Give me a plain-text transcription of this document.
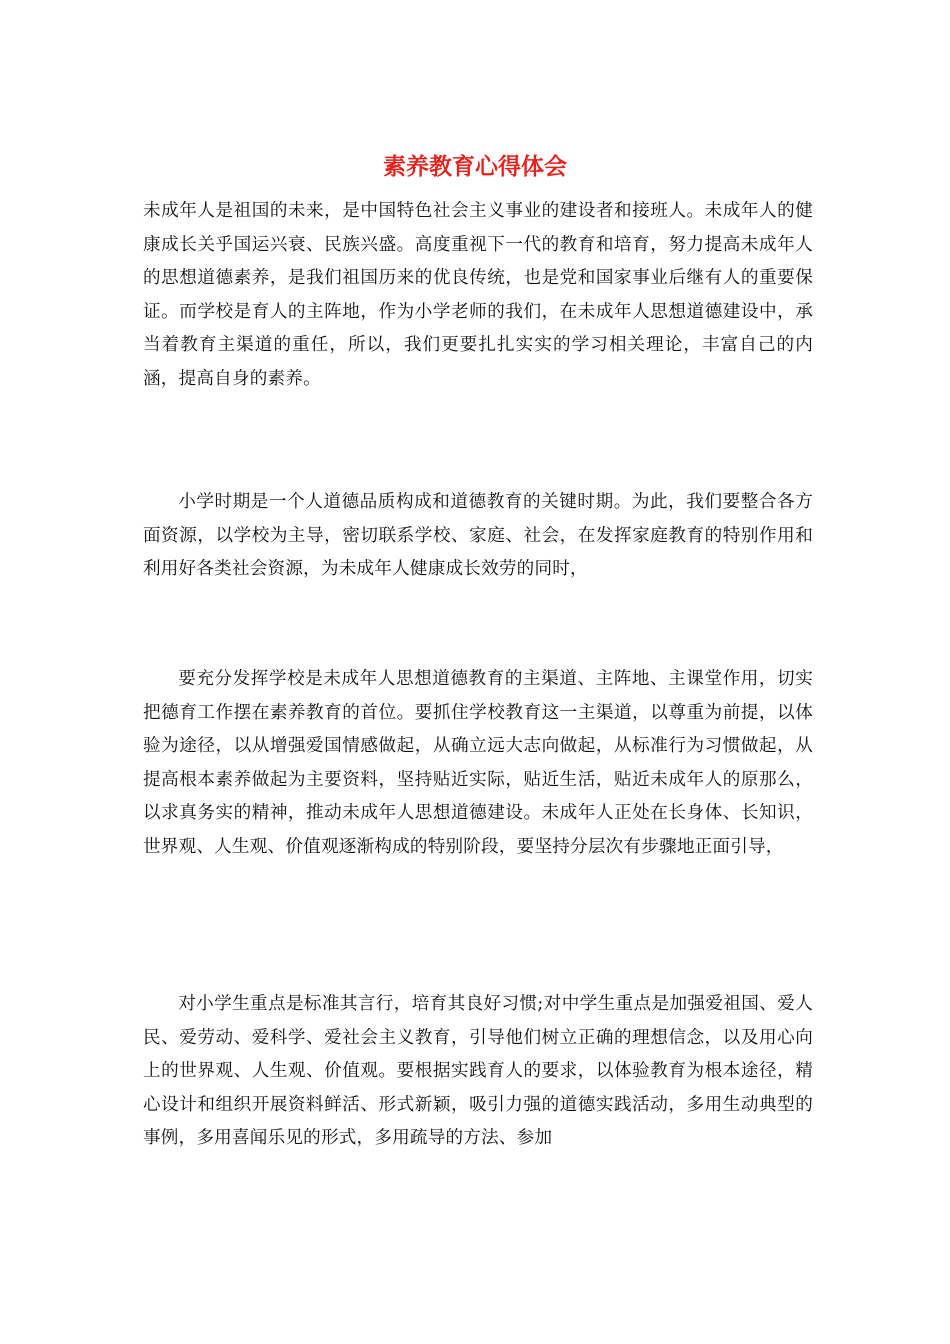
素养教育心得体会

未成年人是祖国的未来，是中国特色社会主义事业的建设者和接班人。未成年人的健康成长关乎国运兴衰、民族兴盛。高度重视下一代的教育和培育，努力提高未成年人的思想道德素养，是我们祖国历来的优良传统，也是党和国家事业后继有人的重要保证。而学校是育人的主阵地，作为小学老师的我们，在未成年人思想道德建设中，承当着教育主渠道的重任，所以，我们更要扎扎实实的学习相关理论，丰富自己的内涵，提高自身的素养。

小学时期是一个人道德品质构成和道德教育的关键时期。为此，我们要整合各方面资源，以学校为主导，密切联系学校、家庭、社会，在发挥家庭教育的特别作用和利用好各类社会资源，为未成年人健康成长效劳的同时，

要充分发挥学校是未成年人思想道德教育的主渠道、主阵地、主课堂作用，切实把德育工作摆在素养教育的首位。要抓住学校教育这一主渠道，以尊重为前提，以体验为途径，以从增强爱国情感做起，从确立远大志向做起，从标准行为习惯做起，从提高根本素养做起为主要资料，坚持贴近实际，贴近生活，贴近未成年人的原那么，以求真务实的精神，推动未成年人思想道德建设。未成年人正处在长身体、长知识，世界观、人生观、价值观逐渐构成的特别阶段，要坚持分层次有步骤地正面引导，

对小学生重点是标准其言行，培育其良好习惯;对中学生重点是加强爱祖国、爱人民、爱劳动、爱科学、爱社会主义教育，引导他们树立正确的理想信念，以及用心向上的世界观、人生观、价值观。要根据实践育人的要求，以体验教育为根本途径，精心设计和组织开展资料鲜活、形式新颖，吸引力强的道德实践活动，多用生动典型的事例，多用喜闻乐见的形式，多用疏导的方法、参加
